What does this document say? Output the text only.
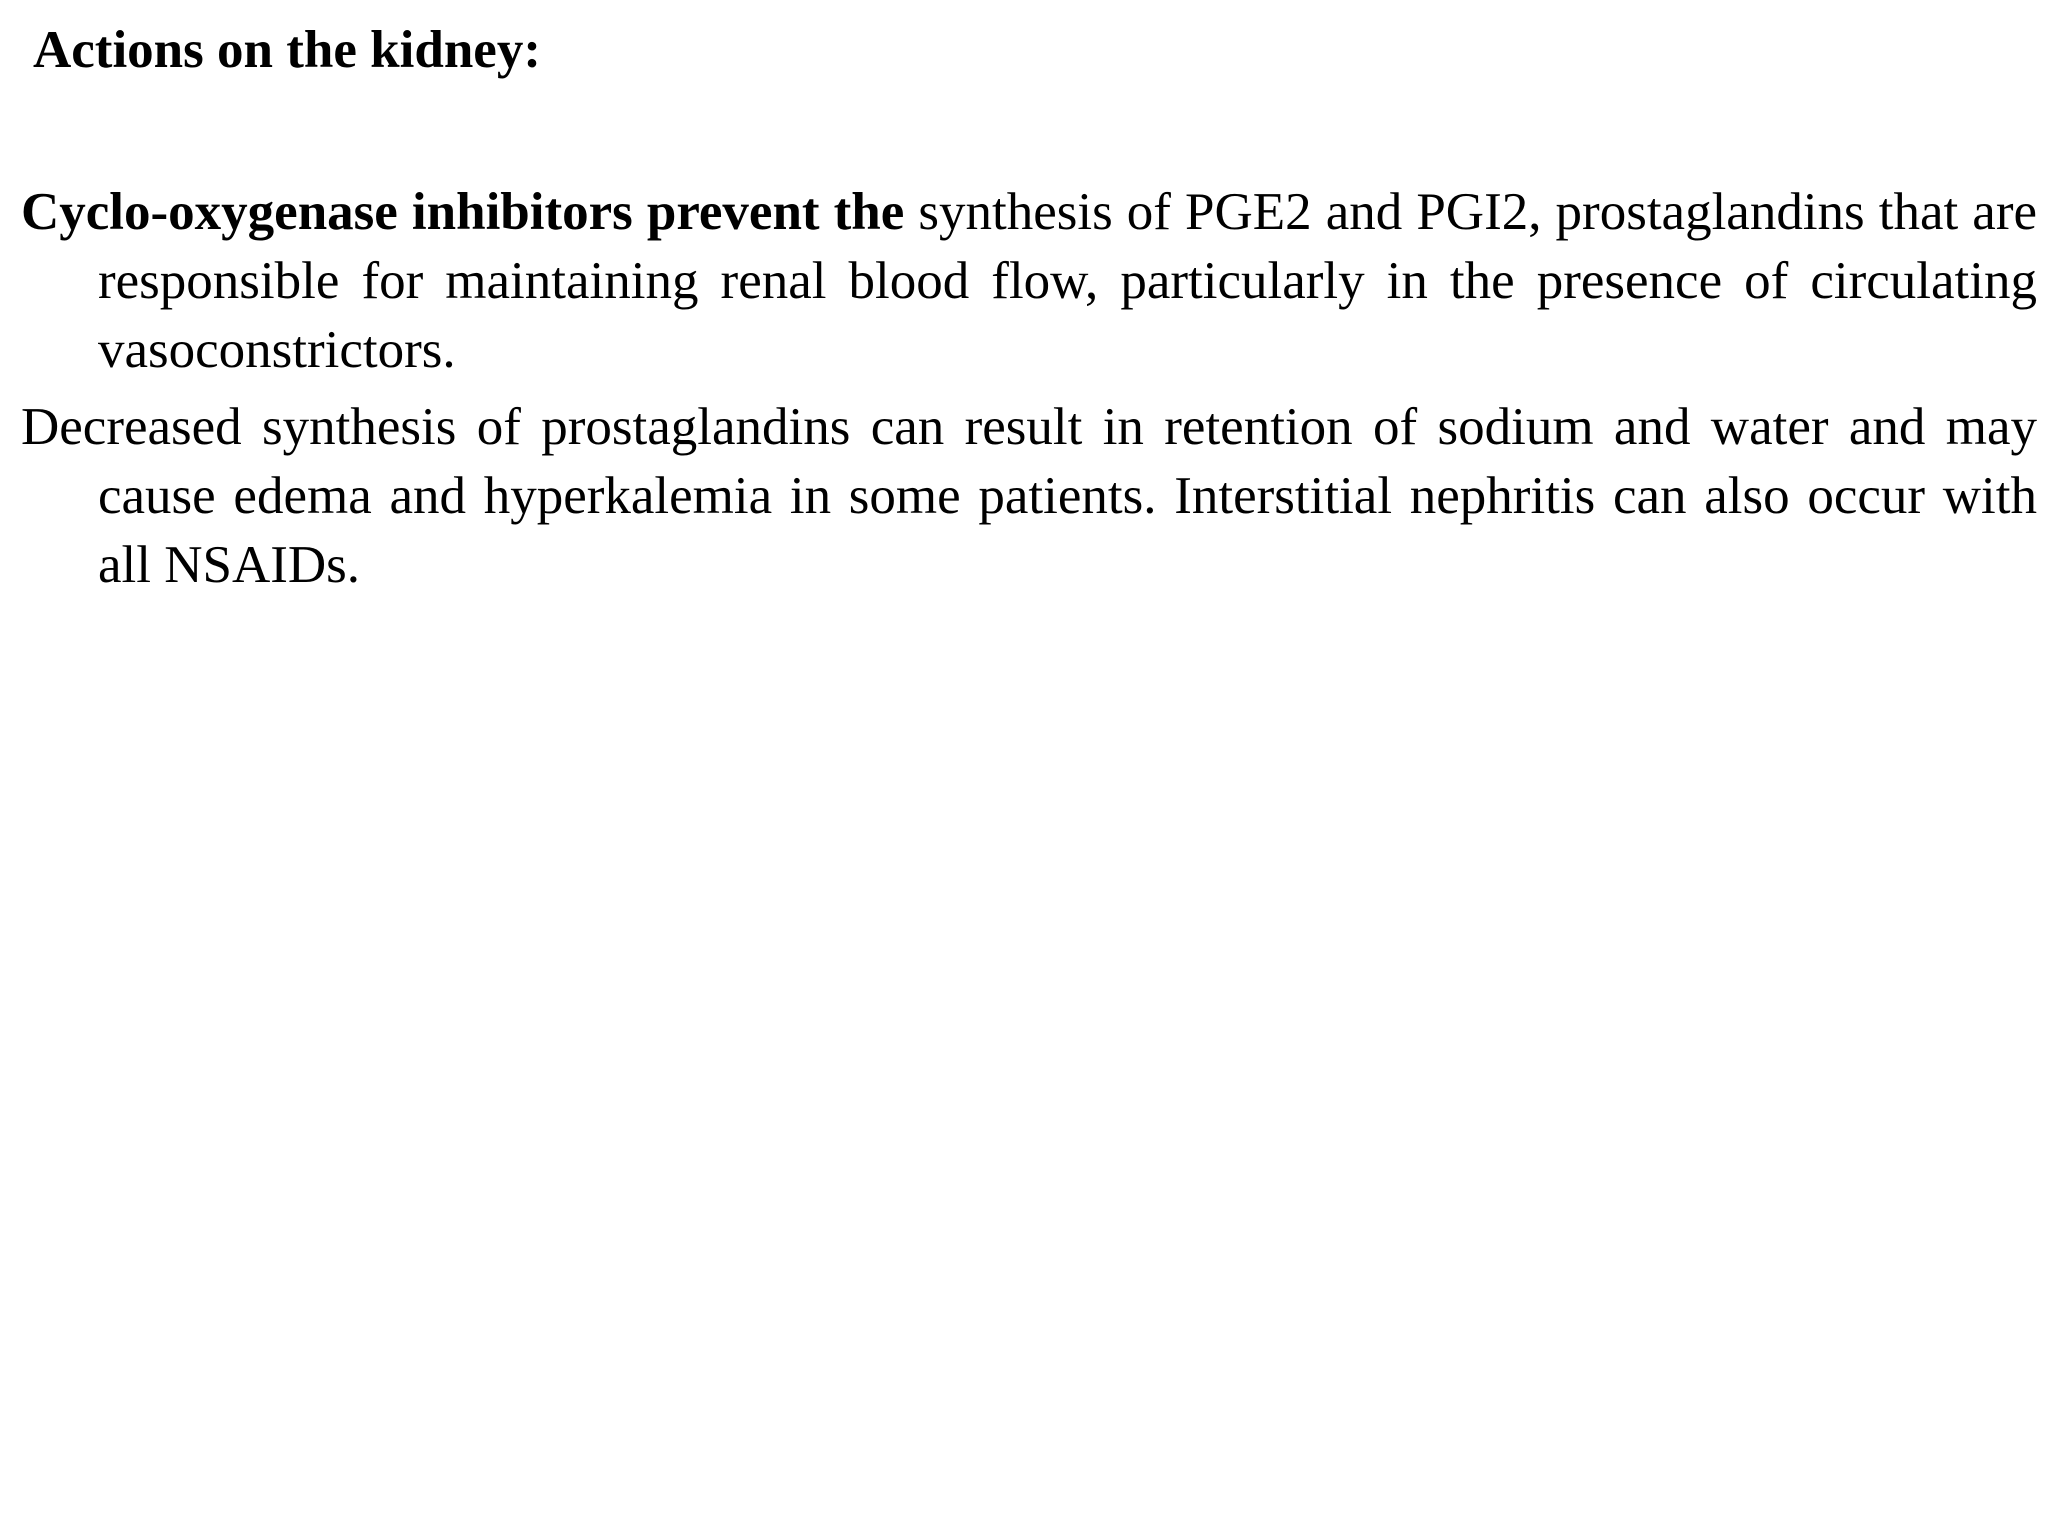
Actions on the kidney:

Cyclo-oxygenase inhibitors prevent the synthesis of PGE2 and PGI2, prostaglandins that are responsible for maintaining renal blood flow, particularly in the presence of circulating vasoconstrictors.

Decreased synthesis of prostaglandins can result in retention of sodium and water and may cause edema and hyperkalemia in some patients. Interstitial nephritis can also occur with all NSAIDs.
